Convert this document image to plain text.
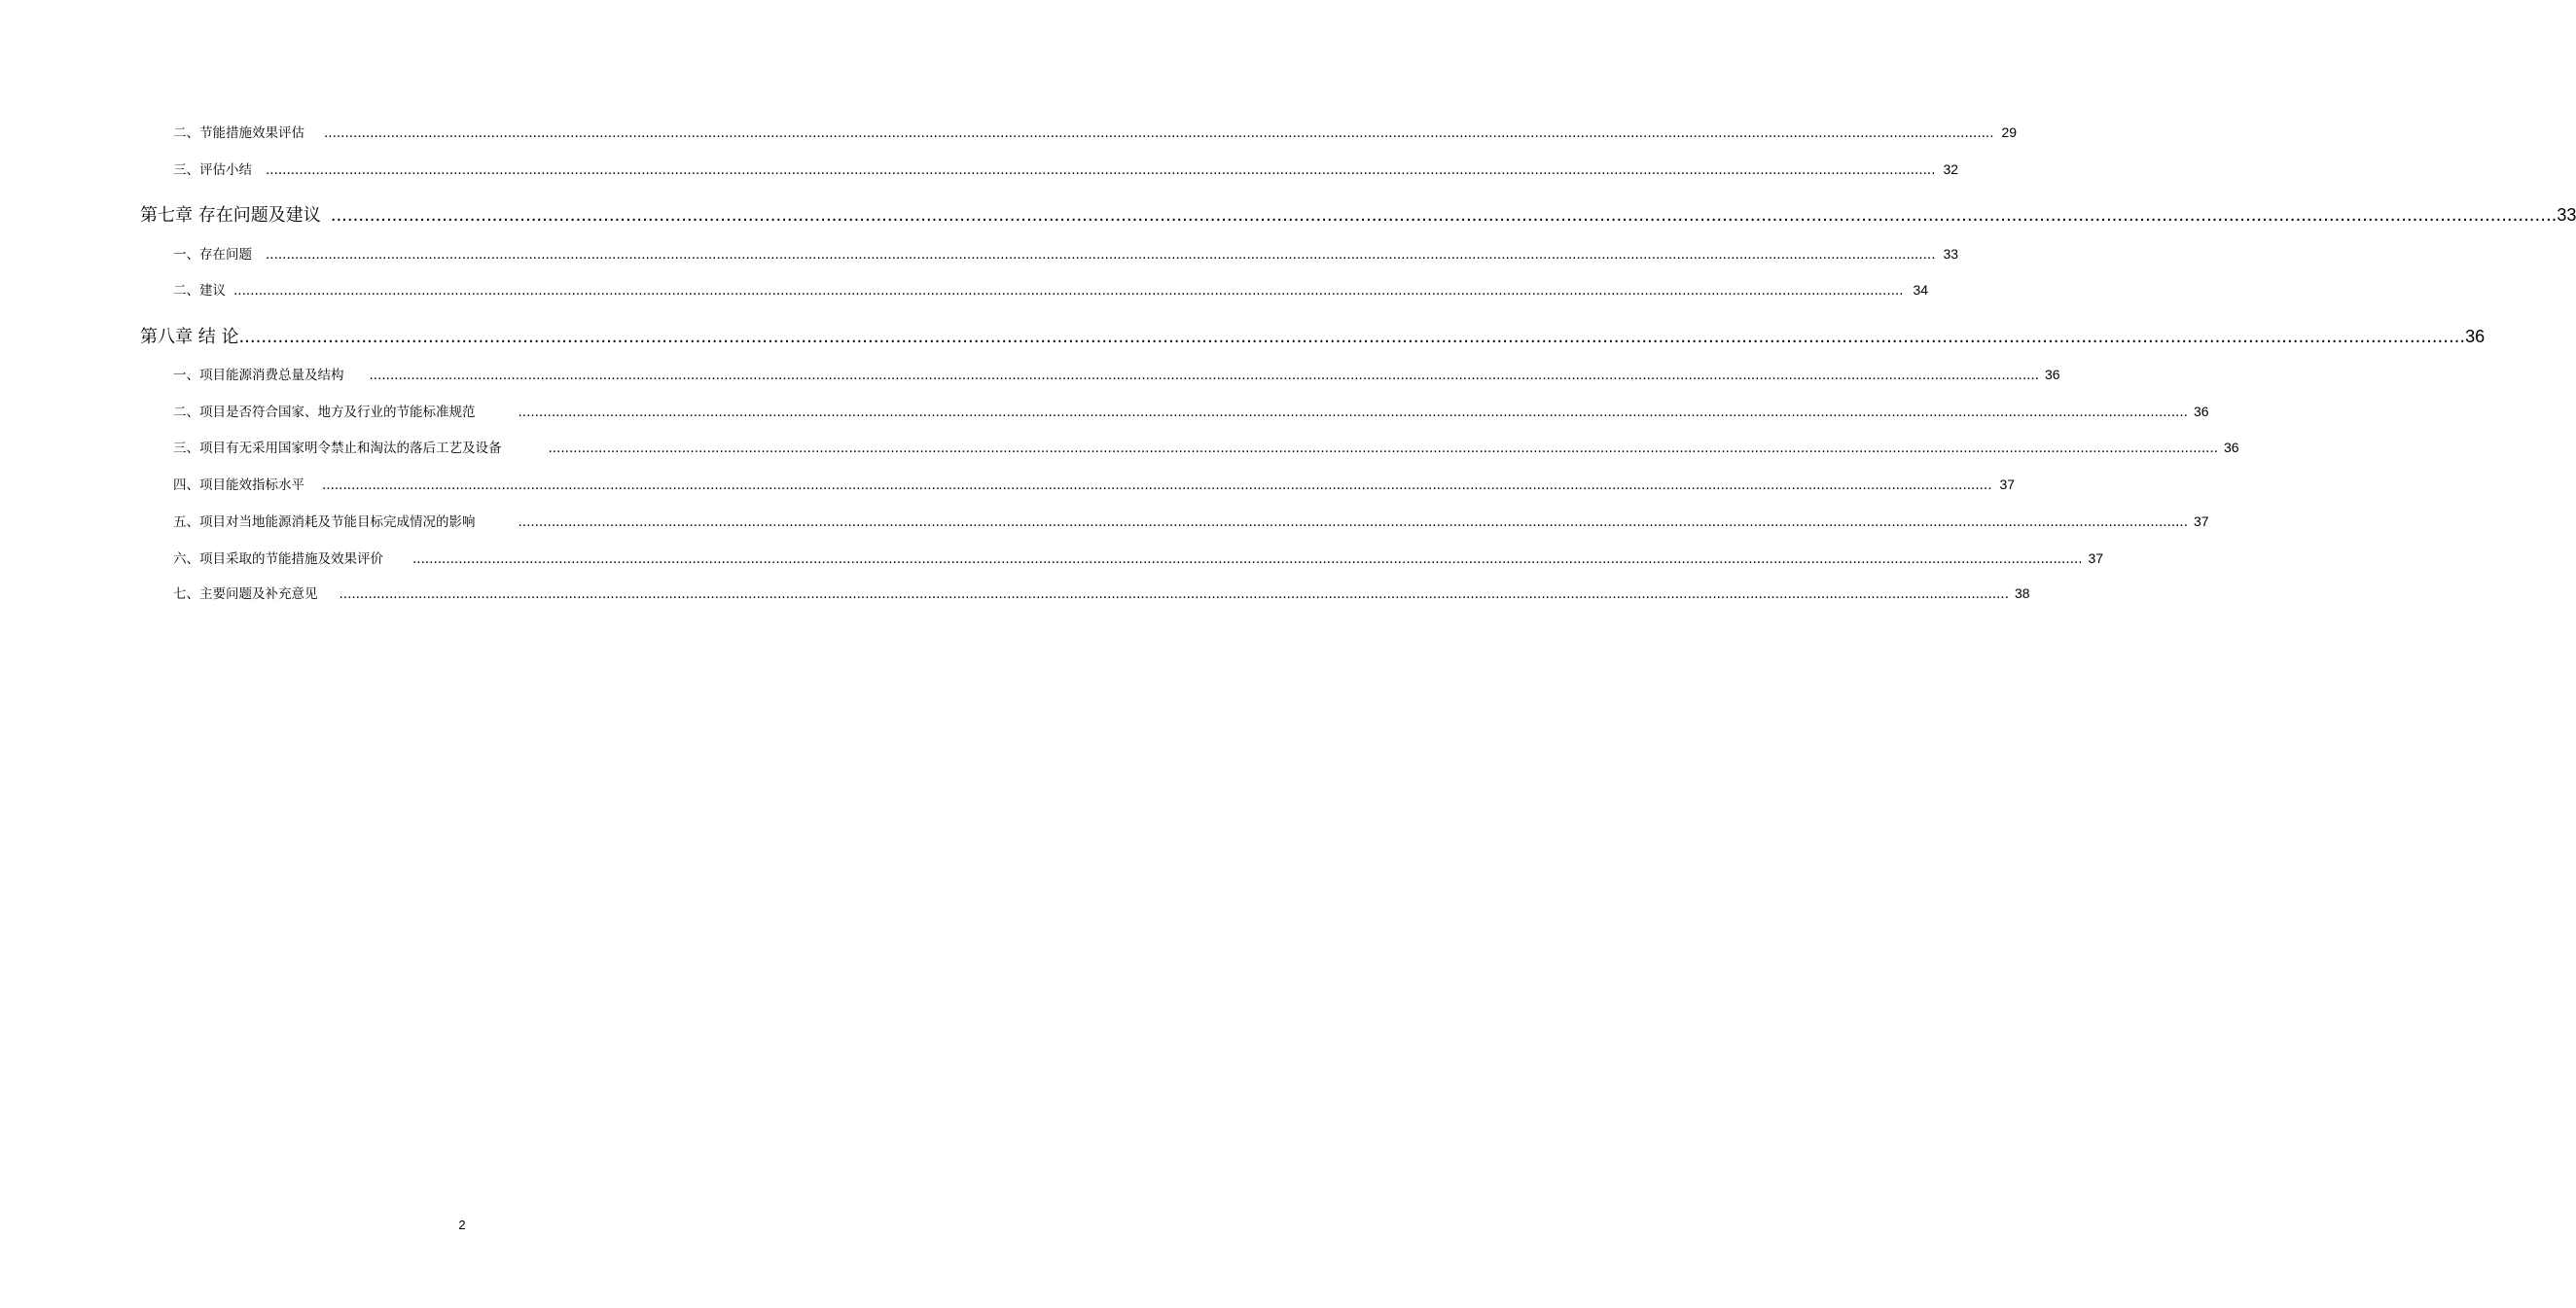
二、节能措施效果评估 ................................................................................................................................................................................................................................................................................................................................................................................................................ 29
三、评估小结 ................................................................................................................................................................................................................................................................................................................................................................................................................ 32
第七章 存在问题及建议 ................................................................................................................................................................................................................................................................................................................................................................................................................ 33
一、存在问题 ................................................................................................................................................................................................................................................................................................................................................................................................................ 33
二、建议 ................................................................................................................................................................................................................................................................................................................................................................................................................ 34
第八章 结 论 ................................................................................................................................................................................................................................................................................................................................................................................................................ 36
一、项目能源消费总量及结构 ................................................................................................................................................................................................................................................................................................................................................................................................................ 36
二、项目是否符合国家、地方及行业的节能标准规范	................................................................................................................................................................................................................................................................................................................................................................................................................ 36
三、项目有无采用国家明令禁止和淘汰的落后工艺及设备	................................................................................................................................................................................................................................................................................................................................................................................................................ 36
四、项目能效指标水平 ................................................................................................................................................................................................................................................................................................................................................................................................................ 37
五、项目对当地能源消耗及节能目标完成情况的影响	................................................................................................................................................................................................................................................................................................................................................................................................................ 37
六、项目采取的节能措施及效果评价 ................................................................................................................................................................................................................................................................................................................................................................................................................ 37
七、主要问题及补充意见 ................................................................................................................................................................................................................................................................................................................................................................................................................ 38
2
